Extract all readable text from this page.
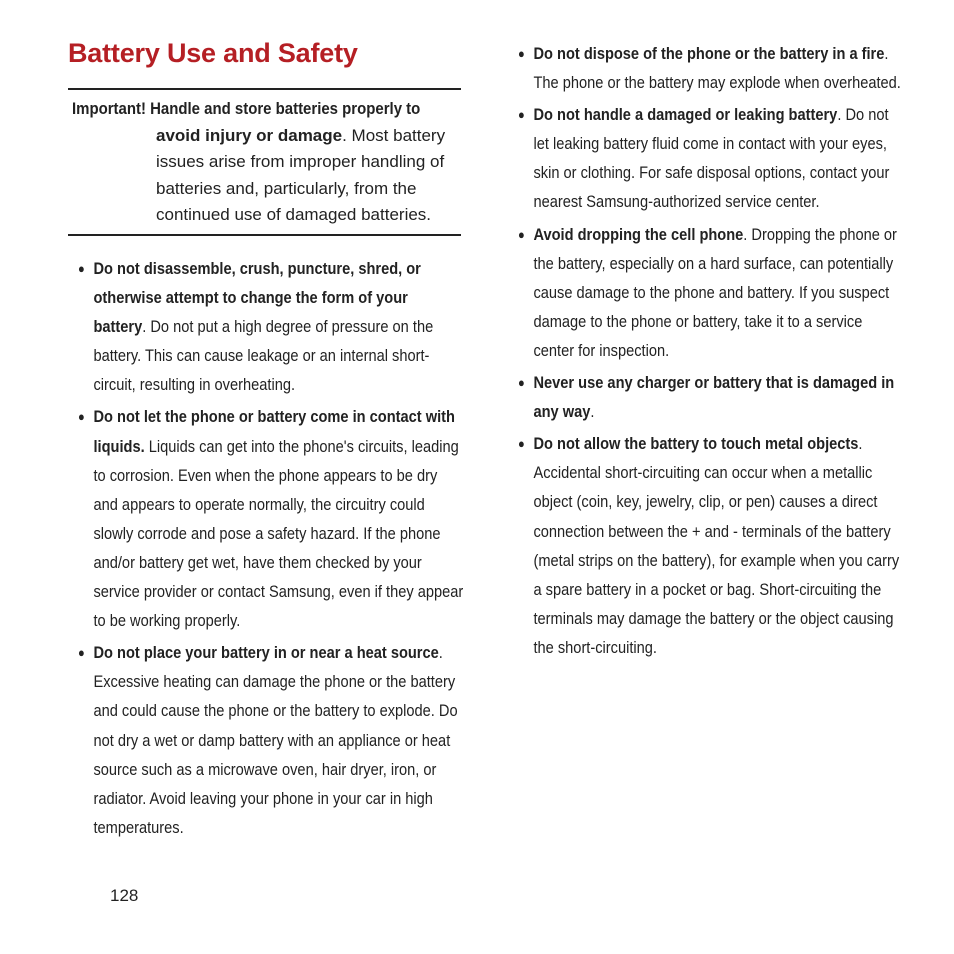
Battery Use and Safety
Important! Handle and store batteries properly to
avoid injury or damage. Most battery issues arise from improper handling of batteries and, particularly, from the continued use of damaged batteries.
● Do not disassemble, crush, puncture, shred, or otherwise attempt to change the form of your battery. Do not put a high degree of pressure on the battery. This can cause leakage or an internal short-circuit, resulting in overheating.
● Do not let the phone or battery come in contact with liquids. Liquids can get into the phone's circuits, leading to corrosion. Even when the phone appears to be dry and appears to operate normally, the circuitry could slowly corrode and pose a safety hazard. If the phone and/or battery get wet, have them checked by your service provider or contact Samsung, even if they appear to be working properly.
● Do not place your battery in or near a heat source. Excessive heating can damage the phone or the battery and could cause the phone or the battery to explode. Do not dry a wet or damp battery with an appliance or heat source such as a microwave oven, hair dryer, iron, or radiator. Avoid leaving your phone in your car in high temperatures.
● Do not dispose of the phone or the battery in a fire. The phone or the battery may explode when overheated.
● Do not handle a damaged or leaking battery. Do not let leaking battery fluid come in contact with your eyes, skin or clothing. For safe disposal options, contact your nearest Samsung-authorized service center.
● Avoid dropping the cell phone. Dropping the phone or the battery, especially on a hard surface, can potentially cause damage to the phone and battery. If you suspect damage to the phone or battery, take it to a service center for inspection.
● Never use any charger or battery that is damaged in any way.
● Do not allow the battery to touch metal objects. Accidental short-circuiting can occur when a metallic object (coin, key, jewelry, clip, or pen) causes a direct connection between the + and - terminals of the battery (metal strips on the battery), for example when you carry a spare battery in a pocket or bag. Short-circuiting the terminals may damage the battery or the object causing the short-circuiting.
128
